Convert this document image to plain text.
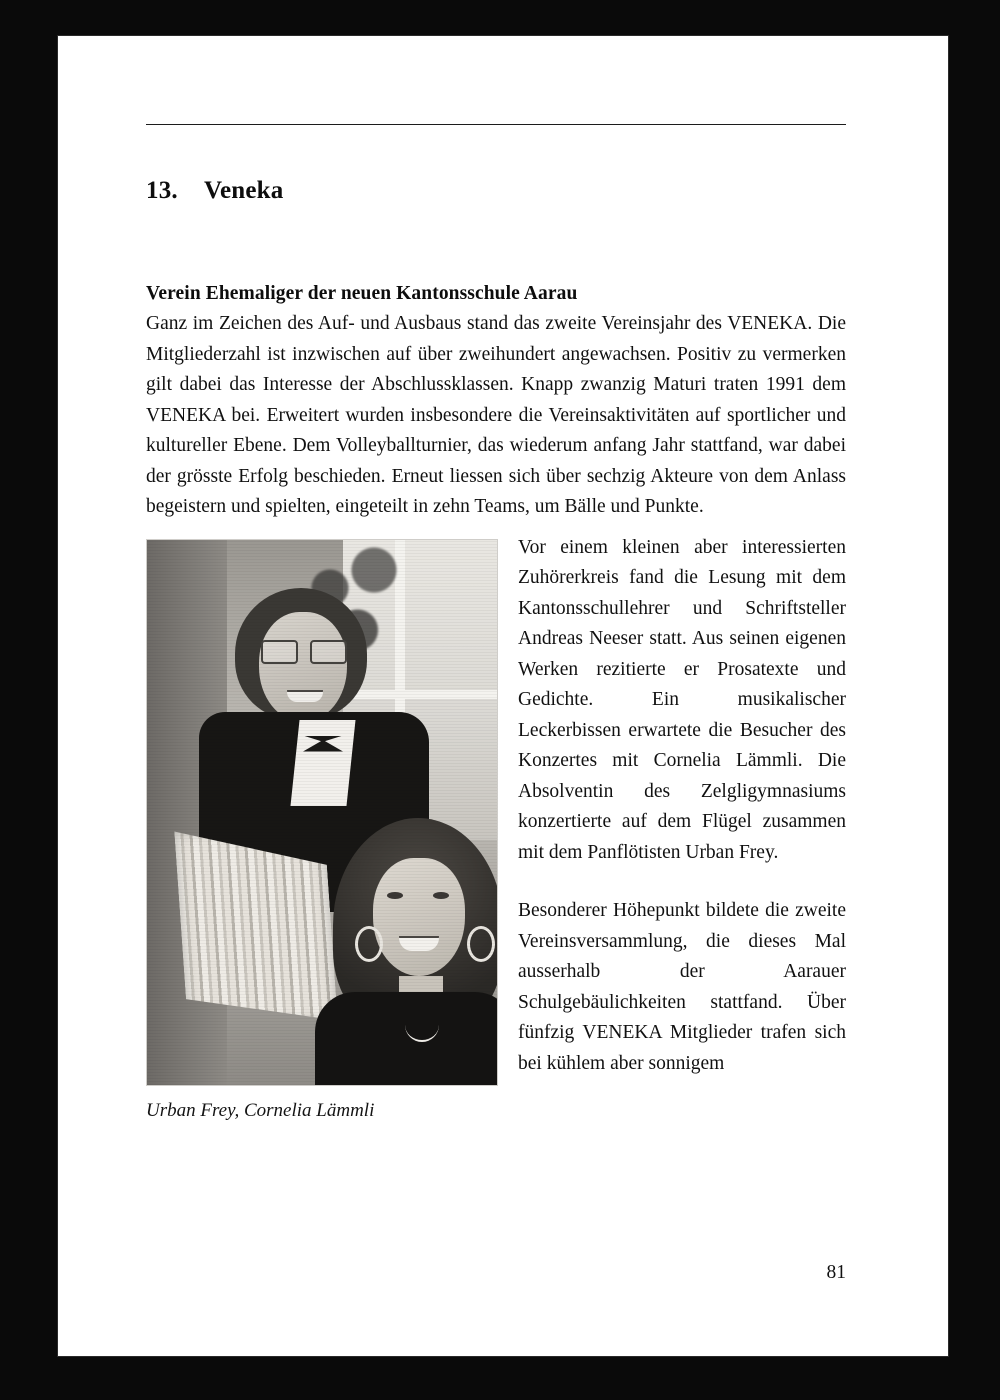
13.	Veneka
Verein Ehemaliger der neuen Kantonsschule Aarau
Ganz im Zeichen des Auf- und Ausbaus stand das zweite Vereinsjahr des VENEKA. Die Mitgliederzahl ist inzwischen auf über zweihundert angewachsen. Positiv zu vermerken gilt dabei das Interesse der Abschlussklassen. Knapp zwanzig Maturi traten 1991 dem VENEKA bei. Erweitert wurden insbesondere die Vereinsaktivitäten auf sportlicher und kultureller Ebene. Dem Volleyballturnier, das wiederum anfang Jahr stattfand, war dabei der grösste Erfolg beschieden. Erneut liessen sich über sechzig Akteure von dem Anlass begeistern und spielten, eingeteilt in zehn Teams, um Bälle und Punkte.
Urban Frey, Cornelia Lämmli

Vor einem kleinen aber interessierten Zuhörerkreis fand die Lesung mit dem Kantonsschullehrer und Schriftsteller Andreas Neeser statt. Aus seinen eigenen Werken rezitierte er Prosatexte und Gedichte. Ein musikalischer Leckerbissen erwartete die Besucher des Konzertes mit Cornelia Lämmli. Die Absolventin des Zelgligymnasiums konzertierte auf dem Flügel zusammen mit dem Panflötisten Urban Frey.

Besonderer Höhepunkt bildete die zweite Vereinsversammlung, die dieses Mal ausserhalb der Aarauer Schulgebäulichkeiten stattfand. Über fünfzig VENEKA Mitglieder trafen sich bei kühlem aber sonnigem

81
